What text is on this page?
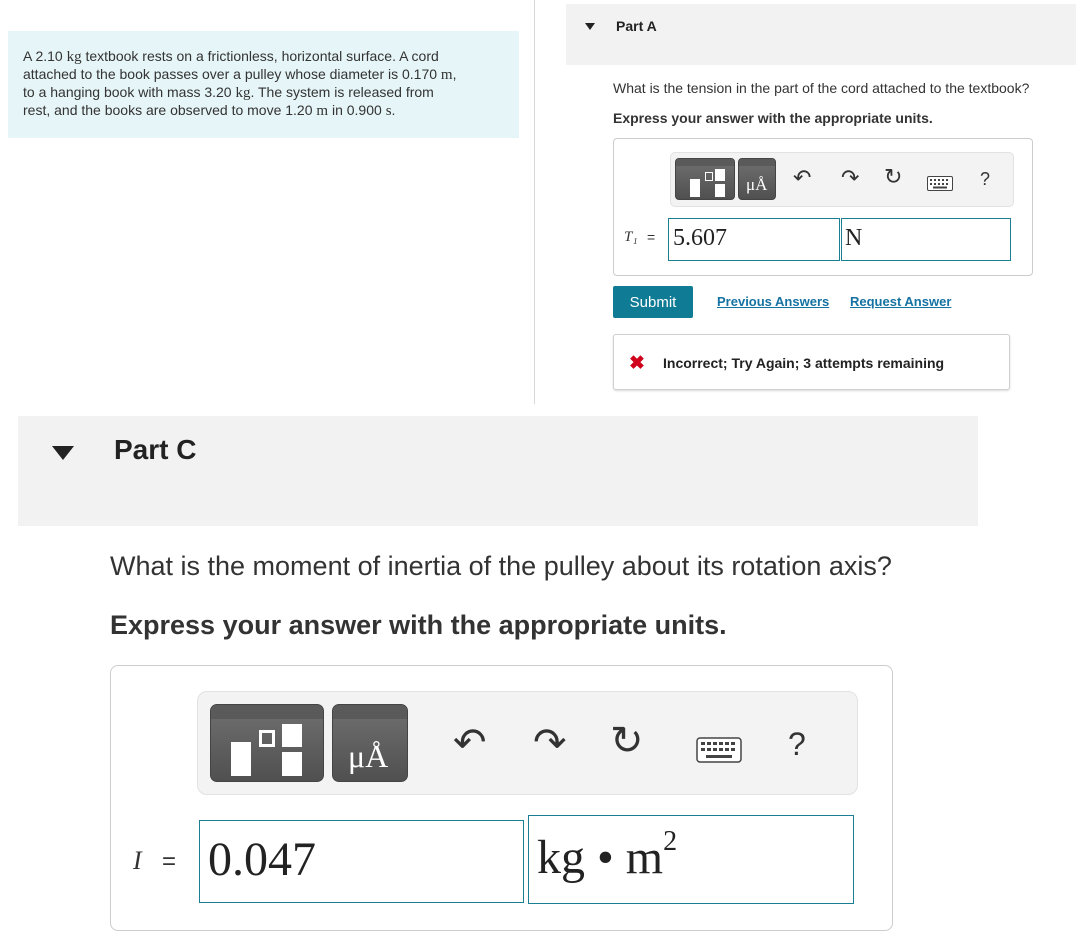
A 2.10 kg textbook rests on a frictionless, horizontal surface. A cord
attached to the book passes over a pulley whose diameter is 0.170 m,
to a hanging book with mass 3.20 kg. The system is released from
rest, and the books are observed to move 1.20 m in 0.900 s.
Part A
What is the tension in the part of the cord attached to the textbook?
Express your answer with the appropriate units.
μÅ ↶ ↷ ↻	?
T₁ = 5.607	N
Submit	Previous Answers Request Answer
✖ Incorrect; Try Again; 3 attempts remaining
Part C
What is the moment of inertia of the pulley about its rotation axis?
Express your answer with the appropriate units.
μÅ ↶ ↷ ↻	?
I = 0.047	kg • $m^2$
